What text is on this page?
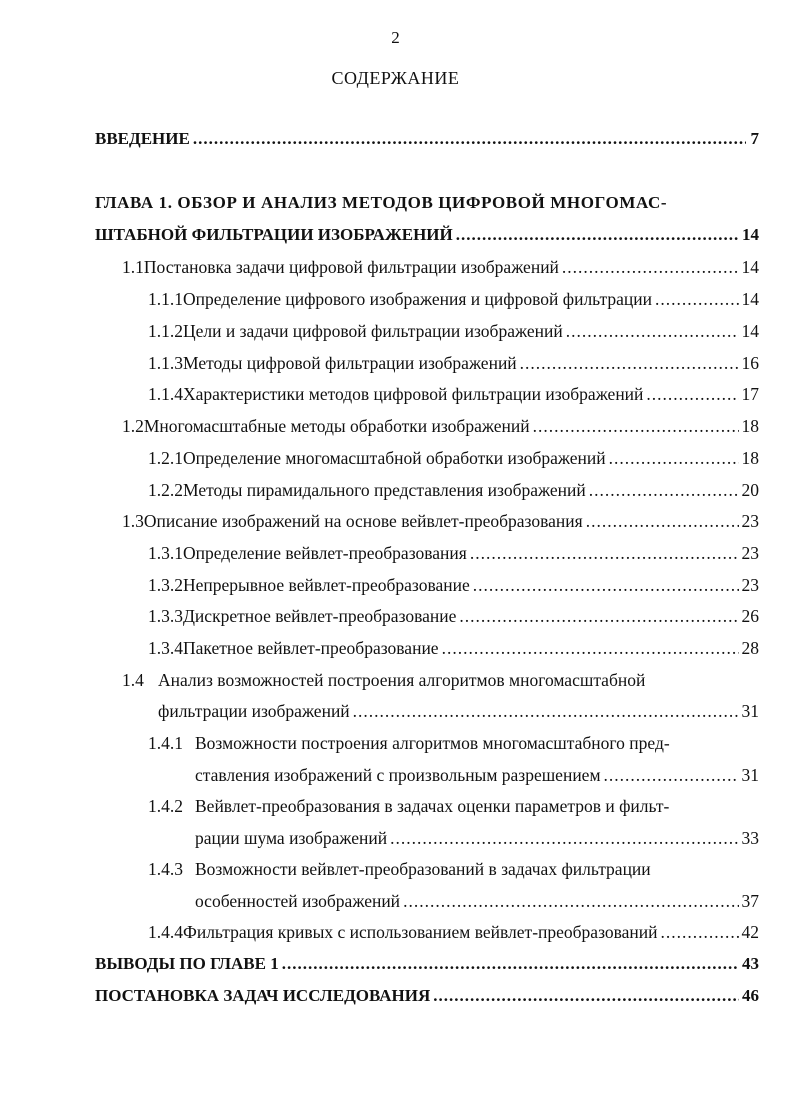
2
СОДЕРЖАНИЕ
ВВЕДЕНИЕ .....	7
ГЛАВА 1. ОБЗОР И АНАЛИЗ МЕТОДОВ ЦИФРОВОЙ МНОГОМАС-
ШТАБНОЙ ФИЛЬТРАЦИИ ИЗОБРАЖЕНИЙ .....	14
1.1 Постановка задачи цифровой фильтрации изображений .....	14
1.1.1 Определение цифрового изображения и цифровой фильтрации .....	14
1.1.2 Цели и задачи цифровой фильтрации изображений .....	14
1.1.3 Методы цифровой фильтрации изображений .....	16
1.1.4 Характеристики методов цифровой фильтрации изображений .....	17
1.2 Многомасштабные методы обработки изображений .....	18
1.2.1 Определение многомасштабной обработки изображений .....	18
1.2.2 Методы пирамидального представления изображений .....	20
1.3 Описание изображений на основе вейвлет-преобразования .....	23
1.3.1 Определение вейвлет-преобразования .....	23
1.3.2 Непрерывное вейвлет-преобразование .....	23
1.3.3 Дискретное вейвлет-преобразование .....	26
1.3.4 Пакетное вейвлет-преобразование .....	28
1.4 Анализ возможностей построения алгоритмов многомасштабной
фильтрации изображений .....	31
1.4.1 Возможности построения алгоритмов многомасштабного пред-
ставления изображений с произвольным разрешением .....	31
1.4.2 Вейвлет-преобразования в задачах оценки параметров и фильт-
рации шума изображений .....	33
1.4.3 Возможности вейвлет-преобразований в задачах фильтрации
особенностей изображений .....	37
1.4.4 Фильтрация кривых с использованием вейвлет-преобразований .....	42
ВЫВОДЫ ПО ГЛАВЕ 1 .....	43
ПОСТАНОВКА ЗАДАЧ ИССЛЕДОВАНИЯ .....	46
